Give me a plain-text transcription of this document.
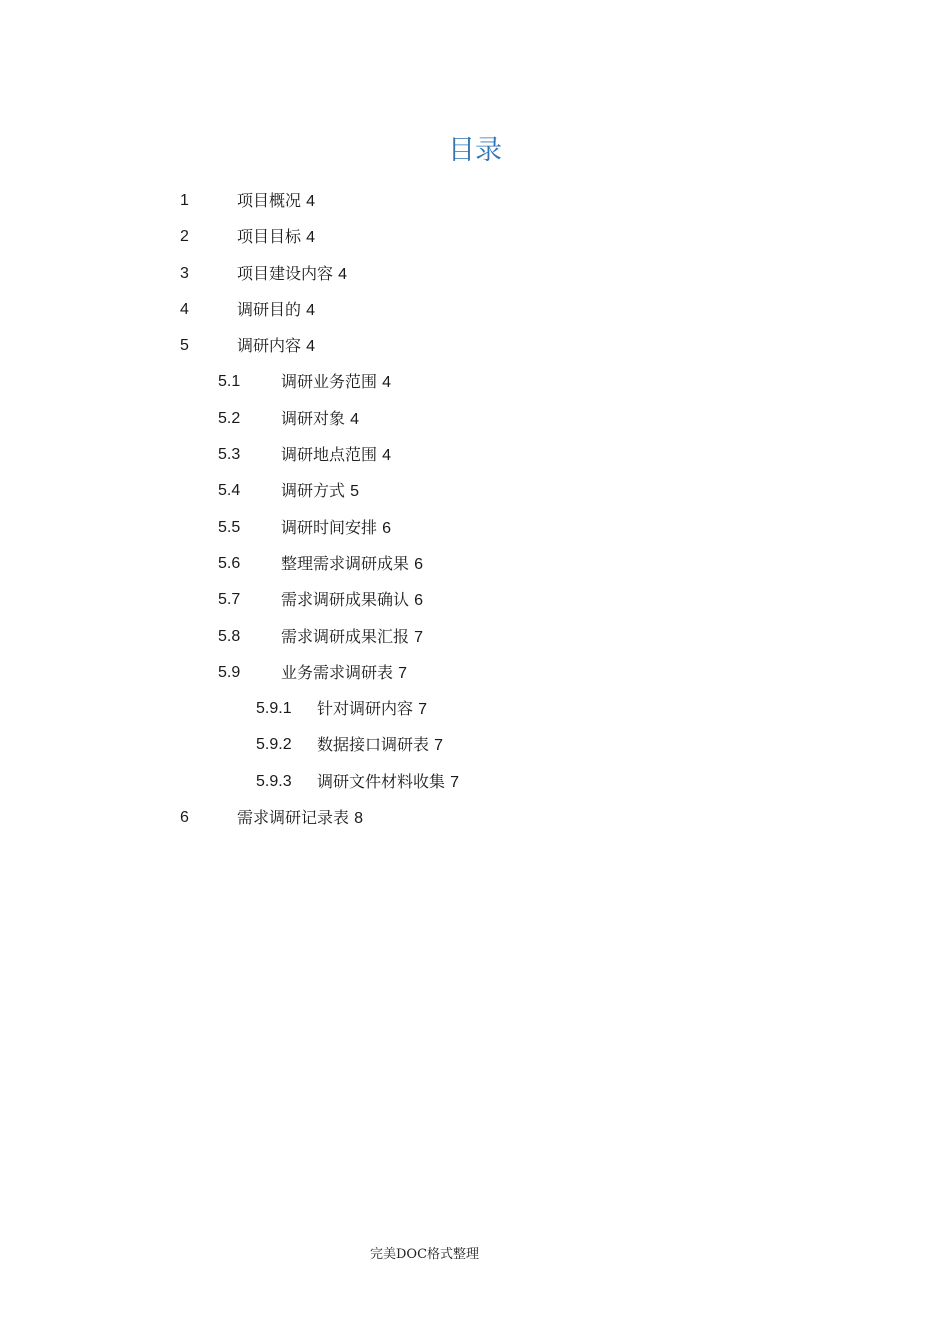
目录
1	项目概况 4
2	项目目标 4
3	项目建设内容 4
4	调研目的 4
5	调研内容 4
5.1	调研业务范围 4
5.2	调研对象 4
5.3	调研地点范围 4
5.4	调研方式 5
5.5	调研时间安排 6
5.6	整理需求调研成果 6
5.7	需求调研成果确认 6
5.8	需求调研成果汇报 7
5.9	业务需求调研表 7
5.9.1 针对调研内容 7
5.9.2 数据接口调研表 7
5.9.3 调研文件材料收集 7
6	需求调研记录表 8
完美DOC格式整理
